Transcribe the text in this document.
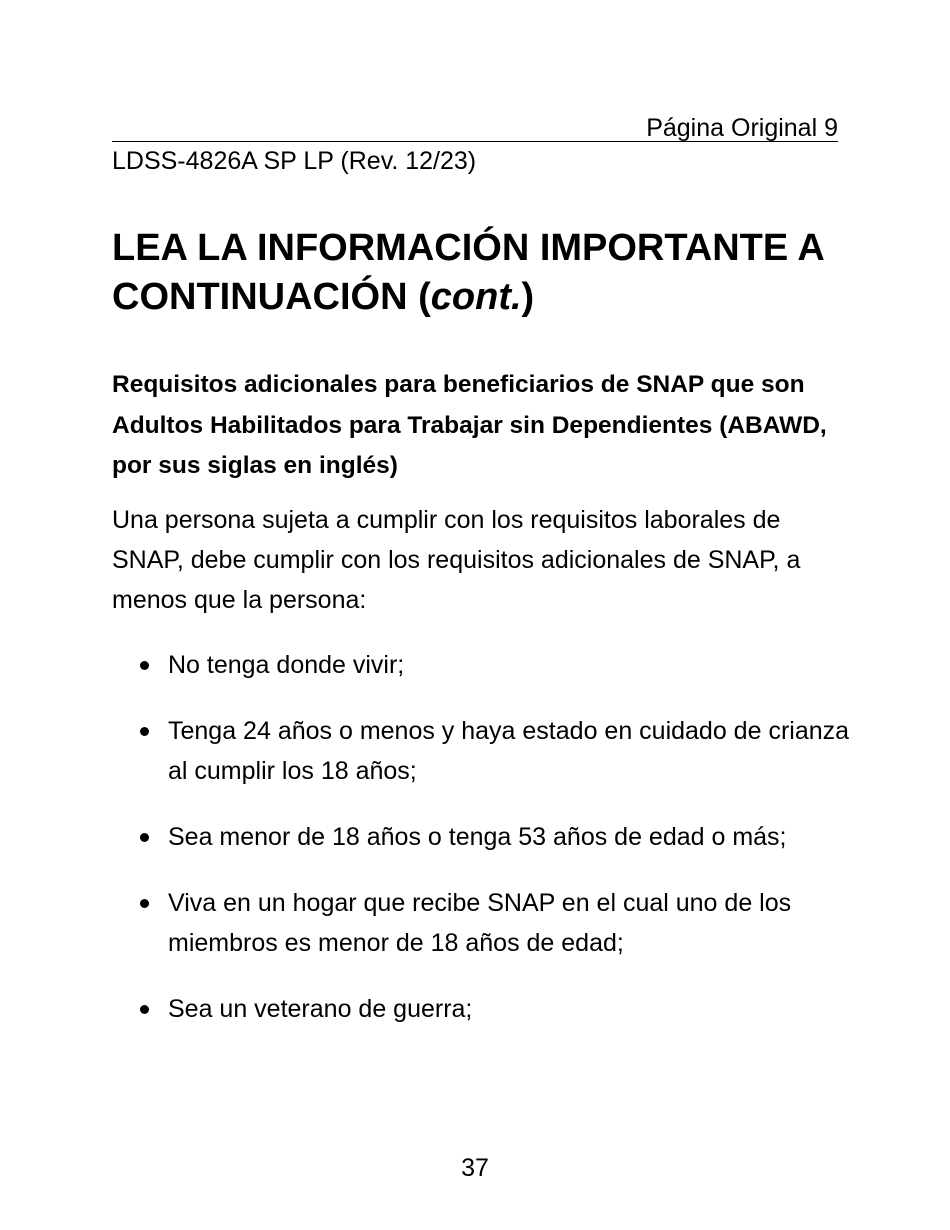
Página Original 9
LDSS-4826A SP LP (Rev. 12/23)
LEA LA INFORMACIÓN IMPORTANTE A CONTINUACIÓN (cont.)
Requisitos adicionales para beneficiarios de SNAP que son Adultos Habilitados para Trabajar sin Dependientes (ABAWD, por sus siglas en inglés)

Una persona sujeta a cumplir con los requisitos laborales de SNAP, debe cumplir con los requisitos adicionales de SNAP, a menos que la persona:

No tenga donde vivir;
Tenga 24 años o menos y haya estado en cuidado de crianza al cumplir los 18 años;
Sea menor de 18 años o tenga 53 años de edad o más;
Viva en un hogar que recibe SNAP en el cual uno de los miembros es menor de 18 años de edad;
Sea un veterano de guerra;
37
